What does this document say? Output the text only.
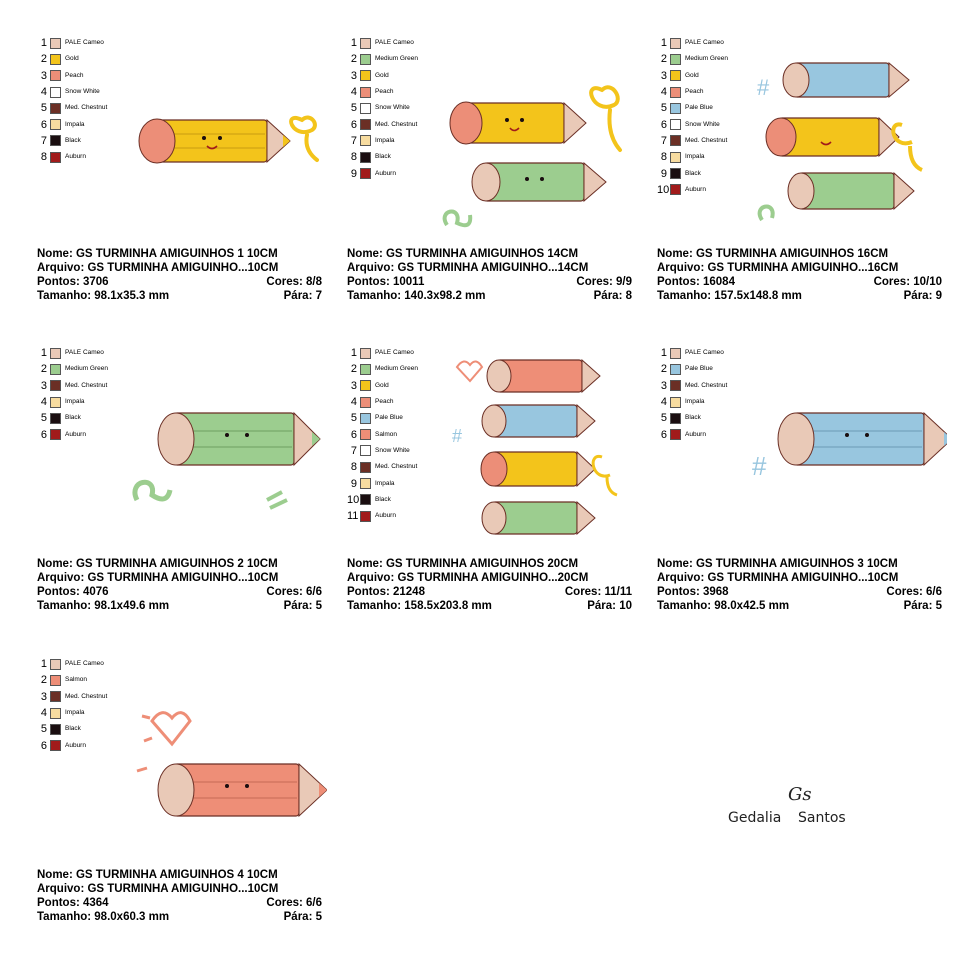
1	PALE Cameo
2	Gold
3	Peach
4	Snow White
5	Med. Chestnut
6	Impala
7	Black
8	Auburn
Nome: GS TURMINHA AMIGUINHOS 1 10CM
Arquivo: GS TURMINHA AMIGUINHO...10CM
Pontos: 3706	Cores: 8/8
Tamanho: 98.1x35.3 mm	Pára: 7
1	PALE Cameo
2	Medium Green
3	Gold
4	Peach
5	Snow White
6	Med. Chestnut
7	Impala
8	Black
9	Auburn
Nome: GS TURMINHA AMIGUINHOS 14CM
Arquivo: GS TURMINHA AMIGUINHO...14CM
Pontos: 10011	Cores: 9/9
Tamanho: 140.3x98.2 mm	Pára: 8
1	PALE Cameo
2	Medium Green
3	Gold
4	Peach
5	Pale Blue
6	Snow White
7	Med. Chestnut
8	Impala
9	Black
10 Auburn
#
Nome: GS TURMINHA AMIGUINHOS 16CM
Arquivo: GS TURMINHA AMIGUINHO...16CM
Pontos: 16084	Cores: 10/10
Tamanho: 157.5x148.8 mm	Pára: 9
1	PALE Cameo
2	Medium Green
3	Med. Chestnut
4	Impala
5	Black
6	Auburn
Nome: GS TURMINHA AMIGUINHOS 2 10CM
Arquivo: GS TURMINHA AMIGUINHO...10CM
Pontos: 4076	Cores: 6/6
Tamanho: 98.1x49.6 mm	Pára: 5
1	PALE Cameo
2	Medium Green
3	Gold
4	Peach
5	Pale Blue
6	Salmon
7	Snow White
8	Med. Chestnut
9	Impala
10 Black
11	Auburn
#
Nome: GS TURMINHA AMIGUINHOS 20CM
Arquivo: GS TURMINHA AMIGUINHO...20CM
Pontos: 21248	Cores: 11/11
Tamanho: 158.5x203.8 mm	Pára: 10
1	PALE Cameo
2	Pale Blue
3	Med. Chestnut
4	Impala
5	Black
6	Auburn
#
Nome: GS TURMINHA AMIGUINHOS 3 10CM
Arquivo: GS TURMINHA AMIGUINHO...10CM
Pontos: 3968	Cores: 6/6
Tamanho: 98.0x42.5 mm	Pára: 5
1	PALE Cameo
2	Salmon
3	Med. Chestnut
4	Impala
5	Black
6	Auburn
Nome: GS TURMINHA AMIGUINHOS 4 10CM
Arquivo: GS TURMINHA AMIGUINHO...10CM
Pontos: 4364	Cores: 6/6
Tamanho: 98.0x60.3 mm	Pára: 5
Gs
Gedalia Santos
